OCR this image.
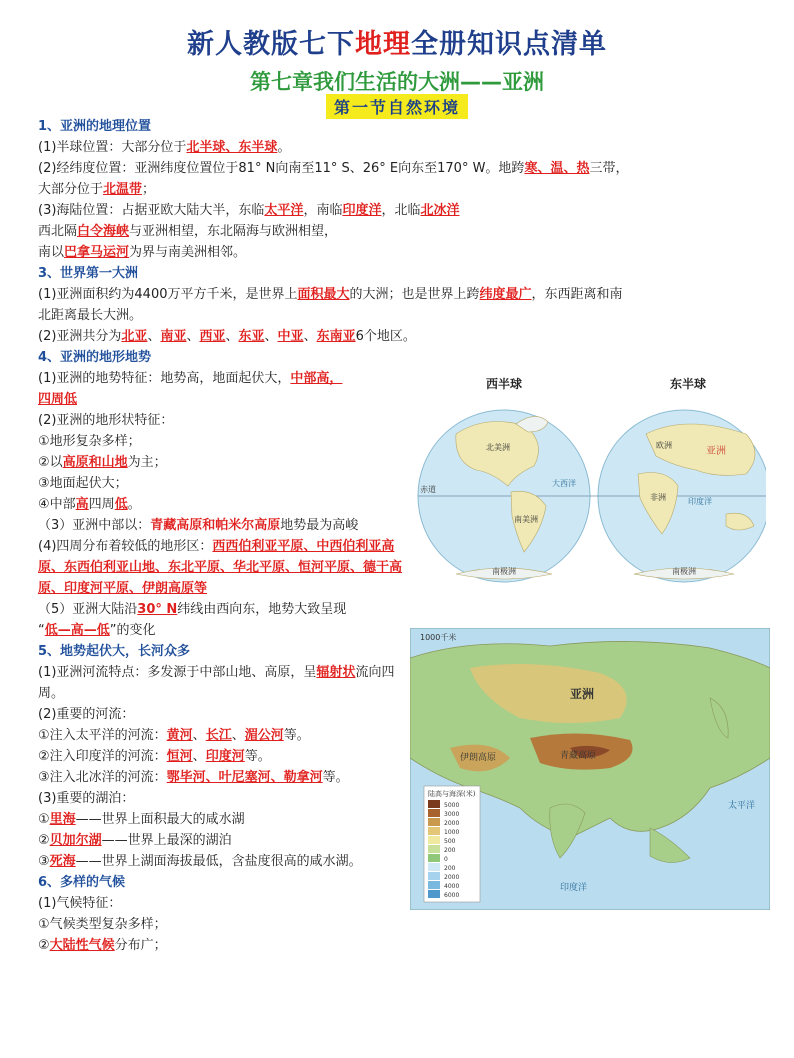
新人教版七下地理全册知识点清单
第七章我们生活的大洲——亚洲
第一节自然环境
1、亚洲的地理位置
(1)半球位置：大部分位于北半球、东半球。
(2)经纬度位置：亚洲纬度位置位于81° N向南至11° S、26° E向东至170° W。地跨寒、温、热三带，
大部分位于北温带；
(3)海陆位置：占据亚欧大陆大半，东临太平洋，南临印度洋，北临北冰洋
西北隔白令海峡与亚洲相望，东北隔海与欧洲相望，
南以巴拿马运河为界与南美洲相邻。
3、世界第一大洲
(1)亚洲面积约为4400万平方千米，是世界上面积最大的大洲；也是世界上跨纬度最广，东西距离和南
北距离最长大洲。
(2)亚洲共分为北亚、南亚、西亚、东亚、中亚、东南亚6个地区。
4、亚洲的地形地势
(1)亚洲的地势特征：地势高，地面起伏大，中部高，
四周低
(2)亚洲的地形状特征：
①地形复杂多样；
②以高原和山地为主；
③地面起伏大；
④中部高四周低。
（3）亚洲中部以：青藏高原和帕米尔高原地势最为高峻
(4)四周分布着较低的地形区：西西伯利亚平原、中西伯利亚高原、东西伯利亚山地、东北平原、华北平原、恒河平原、德干高原、印度河平原、伊朗高原等
（5）亚洲大陆沿30° N纬线由西向东，地势大致呈现
“低—高—低”的变化
5、地势起伏大，长河众多
(1)亚洲河流特点：多发源于中部山地、高原，呈辐射状流向四周。
(2)重要的河流：
①注入太平洋的河流：黄河、长江、湄公河等。
②注入印度洋的河流：恒河、印度河等。
③注入北冰洋的河流：鄂毕河、叶尼塞河、勒拿河等。
(3)重要的湖泊：
①里海——世界上面积最大的咸水湖
②贝加尔湖——世界上最深的湖泊
③死海——世界上湖面海拔最低，含盐度很高的咸水湖。
6、多样的气候
(1)气候特征：
①气候类型复杂多样；
②大陆性气候分布广；
西半球	东半球
北美洲
南美洲
南极洲
亚洲
欧洲
非洲	印度洋
南极洲
赤道
大西洋
1000千米
亚洲
青藏高原
伊朗高原
印度洋
太平洋
陆高与海深(米)
5000
3000
2000
1000
500
200
0
200
2000
4000
6000
